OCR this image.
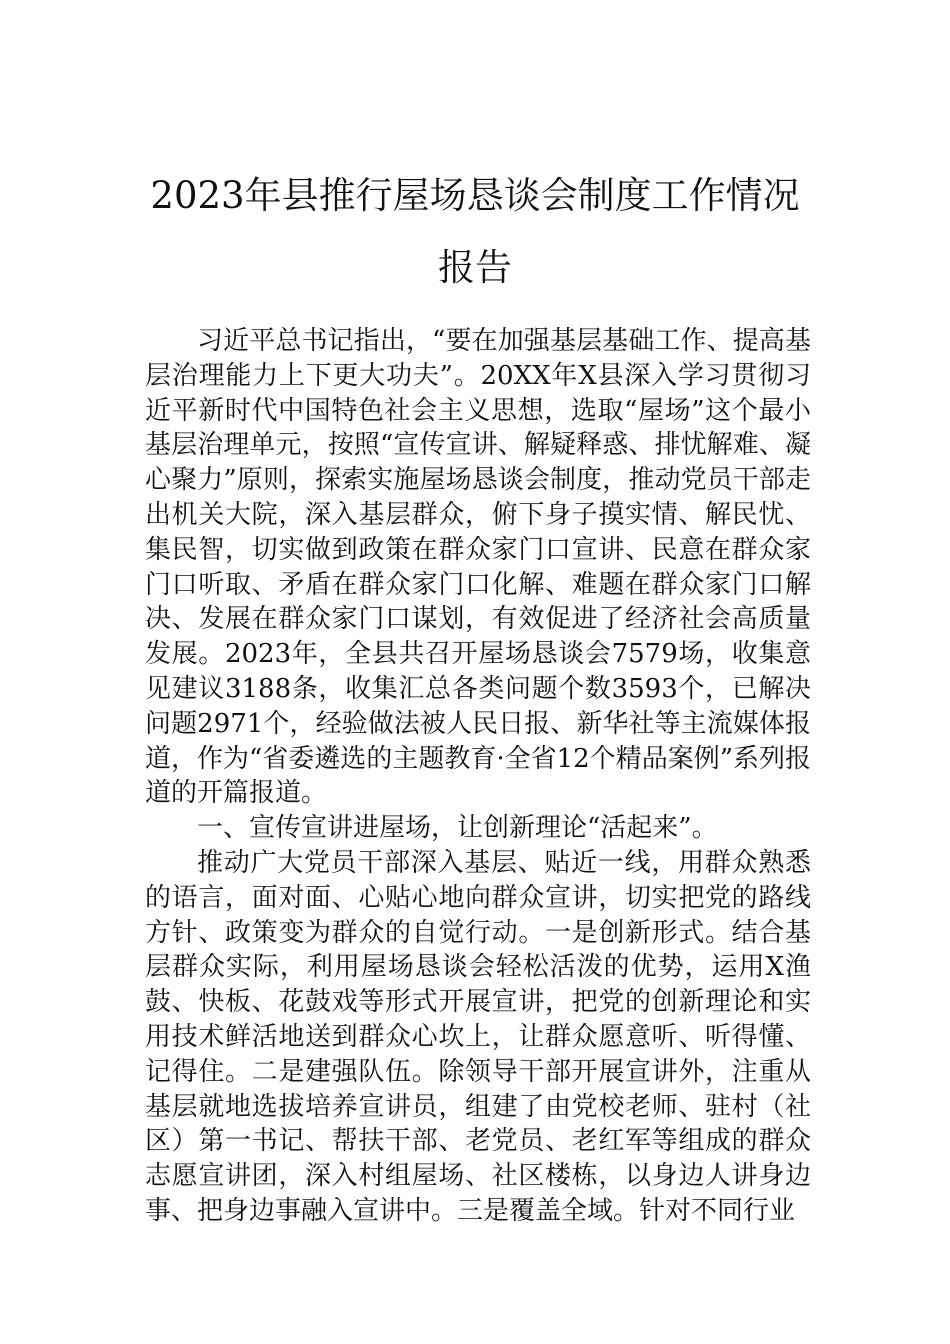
2023年县推行屋场恳谈会制度工作情况报告

习近平总书记指出，“要在加强基层基础工作、提高基层治理能力上下更大功夫”。20XX年X县深入学习贯彻习近平新时代中国特色社会主义思想，选取“屋场”这个最小基层治理单元，按照“宣传宣讲、解疑释惑、排忧解难、凝心聚力”原则，探索实施屋场恳谈会制度，推动党员干部走出机关大院，深入基层群众，俯下身子摸实情、解民忧、集民智，切实做到政策在群众家门口宣讲、民意在群众家门口听取、矛盾在群众家门口化解、难题在群众家门口解决、发展在群众家门口谋划，有效促进了经济社会高质量发展。2023年，全县共召开屋场恳谈会7579场，收集意见建议3188条，收集汇总各类问题个数3593个，已解决问题2971个，经验做法被人民日报、新华社等主流媒体报道，作为“省委遴选的主题教育·全省12个精品案例”系列报道的开篇报道。

一、宣传宣讲进屋场，让创新理论“活起来”。

推动广大党员干部深入基层、贴近一线，用群众熟悉的语言，面对面、心贴心地向群众宣讲，切实把党的路线方针、政策变为群众的自觉行动。一是创新形式。结合基层群众实际，利用屋场恳谈会轻松活泼的优势，运用X渔鼓、快板、花鼓戏等形式开展宣讲，把党的创新理论和实用技术鲜活地送到群众心坎上，让群众愿意听、听得懂、记得住。二是建强队伍。除领导干部开展宣讲外，注重从基层就地选拔培养宣讲员，组建了由党校老师、驻村（社区）第一书记、帮扶干部、老党员、老红军等组成的群众志愿宣讲团，深入村组屋场、社区楼栋，以身边人讲身边事、把身边事融入宣讲中。三是覆盖全域。针对不同行业
